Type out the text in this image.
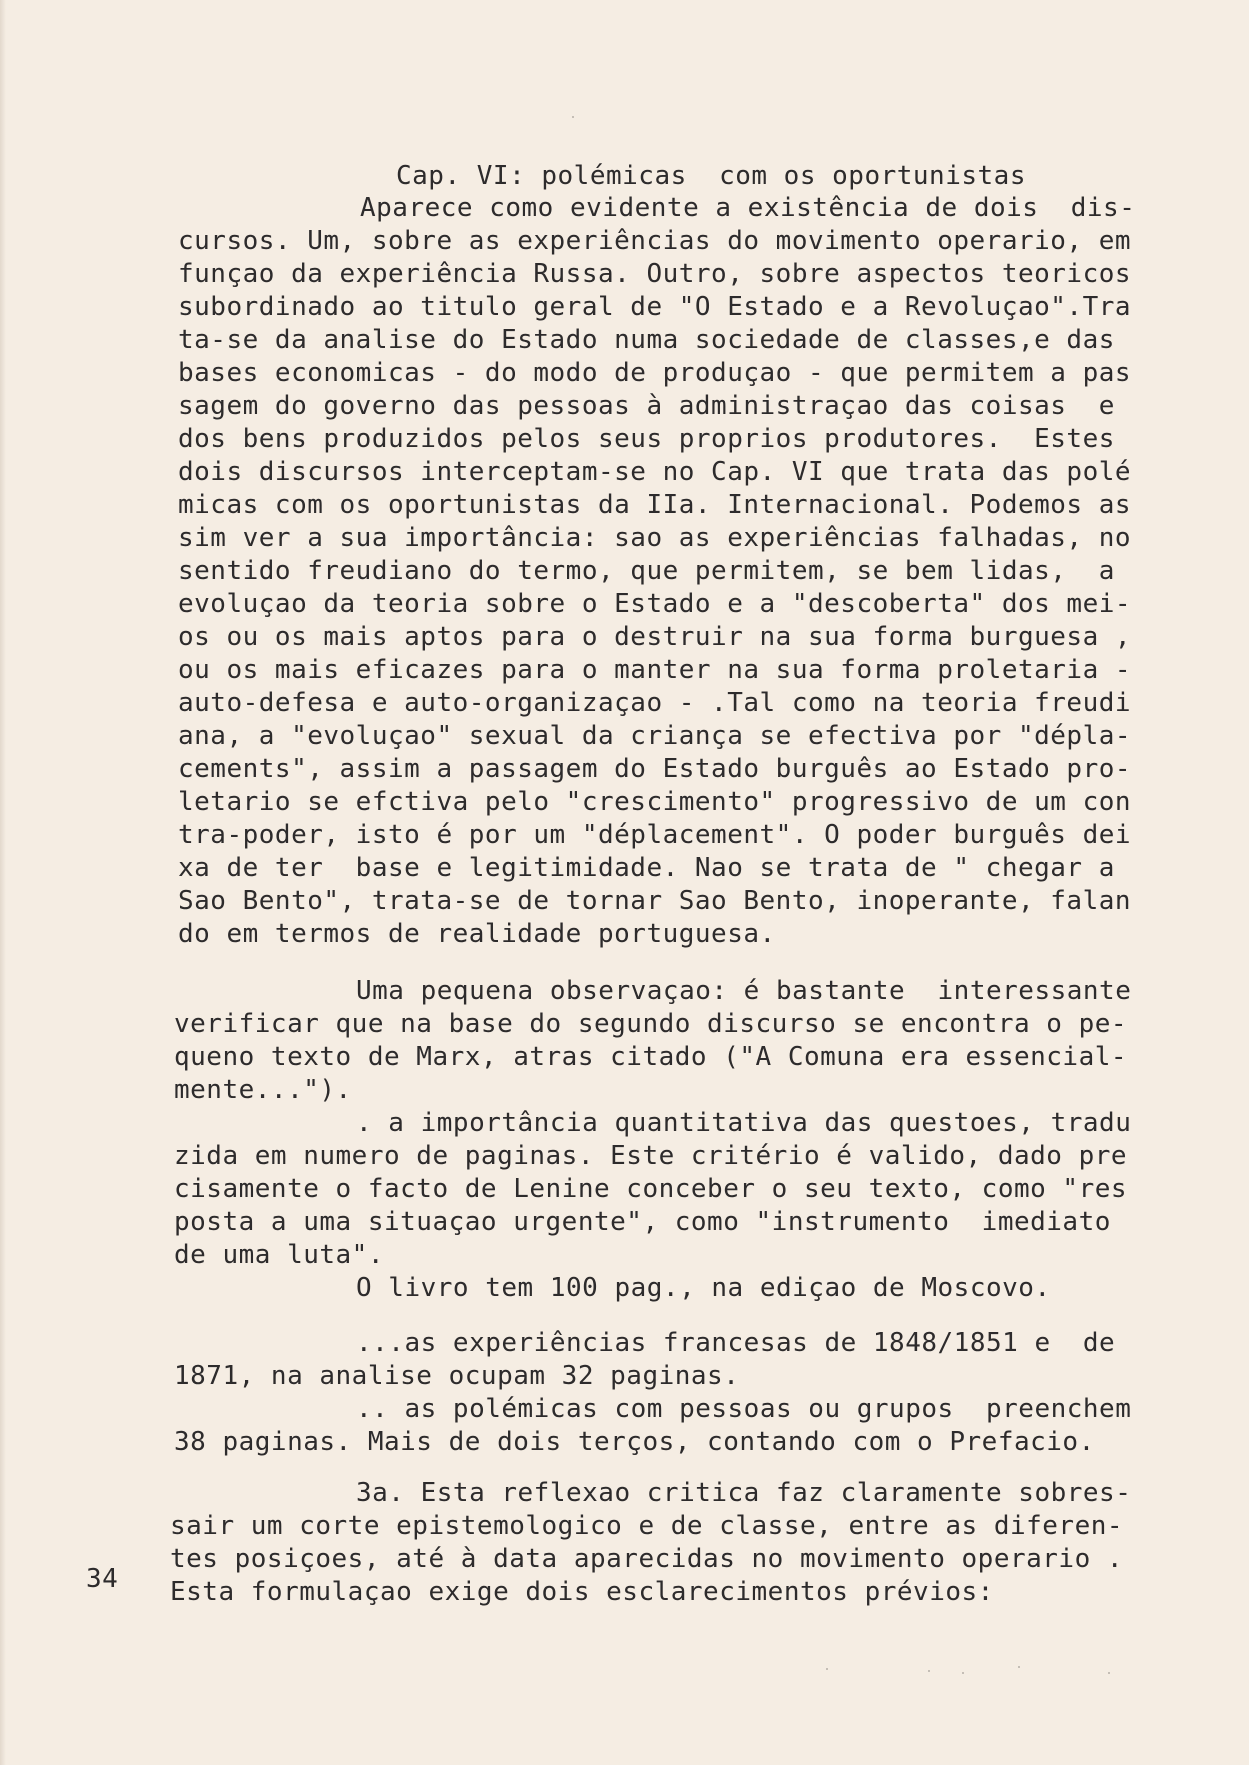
Cap. VI: polémicas  com os oportunistas
Aparece como evidente a existência de dois  dis-
cursos. Um, sobre as experiências do movimento operario, em
funçao da experiência Russa. Outro, sobre aspectos teoricos
subordinado ao titulo geral de "O Estado e a Revoluçao".Tra
ta-se da analise do Estado numa sociedade de classes,e das
bases economicas - do modo de produçao - que permitem a pas
sagem do governo das pessoas à administraçao das coisas  e
dos bens produzidos pelos seus proprios produtores.  Estes
dois discursos interceptam-se no Cap. VI que trata das polé
micas com os oportunistas da IIa. Internacional. Podemos as
sim ver a sua importância: sao as experiências falhadas, no
sentido freudiano do termo, que permitem, se bem lidas,  a
evoluçao da teoria sobre o Estado e a "descoberta" dos mei-
os ou os mais aptos para o destruir na sua forma burguesa ,
ou os mais eficazes para o manter na sua forma proletaria -
auto-defesa e auto-organizaçao - .Tal como na teoria freudi
ana, a "evoluçao" sexual da criança se efectiva por "dépla-
cements", assim a passagem do Estado burguês ao Estado pro-
letario se efctiva pelo "crescimento" progressivo de um con
tra-poder, isto é por um "déplacement". O poder burguês dei
xa de ter  base e legitimidade. Nao se trata de " chegar a
Sao Bento", trata-se de tornar Sao Bento, inoperante, falan
do em termos de realidade portuguesa.
Uma pequena observaçao: é bastante  interessante
verificar que na base do segundo discurso se encontra o pe-
queno texto de Marx, atras citado ("A Comuna era essencial-
mente...").
. a importância quantitativa das questoes, tradu
zida em numero de paginas. Este critério é valido, dado pre
cisamente o facto de Lenine conceber o seu texto, como "res
posta a uma situaçao urgente", como "instrumento  imediato
de uma luta".
O livro tem 100 pag., na ediçao de Moscovo.
...as experiências francesas de 1848/1851 e  de
1871, na analise ocupam 32 paginas.
.. as polémicas com pessoas ou grupos  preenchem
38 paginas. Mais de dois terços, contando com o Prefacio.
3a. Esta reflexao critica faz claramente sobres-
sair um corte epistemologico e de classe, entre as diferen-
tes posiçoes, até à data aparecidas no movimento operario .
Esta formulaçao exige dois esclarecimentos prévios:
34
